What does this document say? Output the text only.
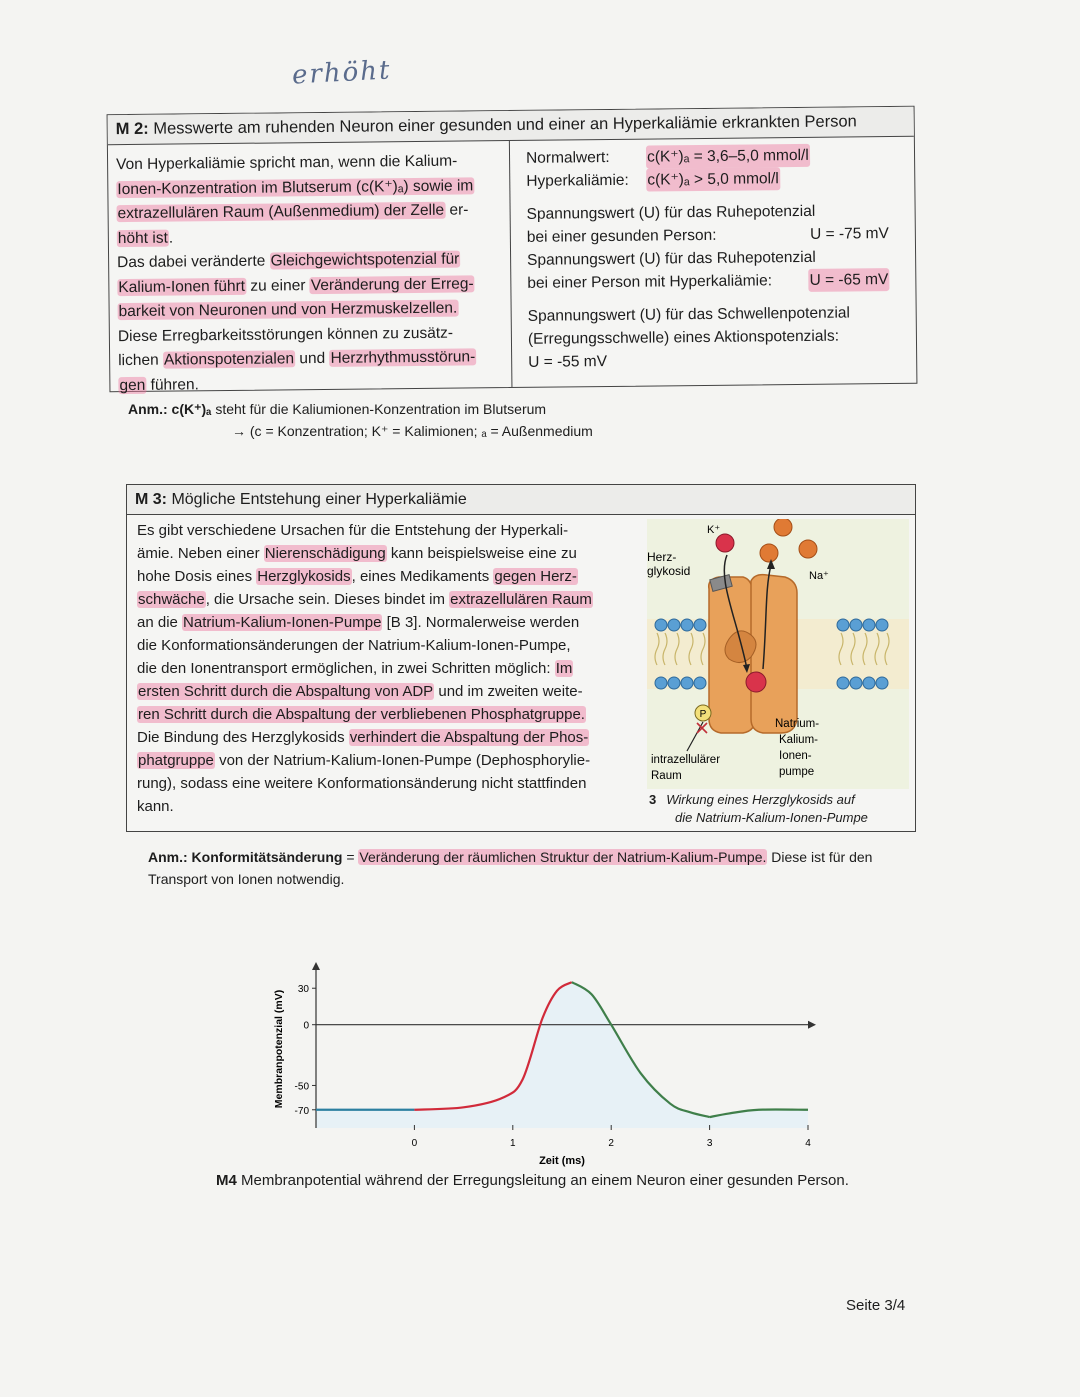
erhöht
M 2: Messwerte am ruhenden Neuron einer gesunden und einer an Hyperkaliämie erkrankten Person
Von Hyperkaliämie spricht man, wenn die Kalium-
Ionen-Konzentration im Blutserum (c(K⁺)ₐ) sowie im
extrazellulären Raum (Außenmedium) der Zelle er-
höht ist.
Das dabei veränderte Gleichgewichtspotenzial für
Kalium-Ionen führt zu einer Veränderung der Erreg-
barkeit von Neuronen und von Herzmuskelzellen.
Diese Erregbarkeitsstörungen können zu zusätz-
lichen Aktionspotenzialen und Herzrhythmusstörun-
gen führen.
Normalwert:	c(K⁺)ₐ = 3,6–5,0 mmol/l
Hyperkaliämie:	c(K⁺)ₐ > 5,0 mmol/l
Spannungswert (U) für das Ruhepotenzial
bei einer gesunden Person:	U = -75 mV
Spannungswert (U) für das Ruhepotenzial
bei einer Person mit Hyperkaliämie: U = -65 mV
Spannungswert (U) für das Schwellenpotenzial
(Erregungsschwelle) eines Aktionspotenzials:
U = -55 mV
Anm.: c(K⁺)ₐ steht für die Kaliumionen-Konzentration im Blutserum
→ (c = Konzentration; K⁺ = Kalimionen; ₐ = Außenmedium
M 3: Mögliche Entstehung einer Hyperkaliämie
Es gibt verschiedene Ursachen für die Entstehung der Hyperkali-
ämie. Neben einer Nierenschädigung kann beispielsweise eine zu
hohe Dosis eines Herzglykosids, eines Medikaments gegen Herz-
schwäche, die Ursache sein. Dieses bindet im extrazellulären Raum
an die Natrium-Kalium-Ionen-Pumpe [B 3]. Normalerweise werden
die Konformationsänderungen der Natrium-Kalium-Ionen-Pumpe,
die den Ionentransport ermöglichen, in zwei Schritten möglich: Im
ersten Schritt durch die Abspaltung von ADP und im zweiten weite-
ren Schritt durch die Abspaltung der verbliebenen Phosphatgruppe.
Die Bindung des Herzglykosids verhindert die Abspaltung der Phos-
phatgruppe von der Natrium-Kalium-Ionen-Pumpe (Dephosphorylie-
rung), sodass eine weitere Konformationsänderung nicht stattfinden
kann.
P
K⁺
Na⁺
Herz-
glykosid
Natrium-
Kalium-
Ionen-
pumpe
intrazellulärer
Raum
3 Wirkung eines Herzglykosids auf
die Natrium-Kalium-Ionen-Pumpe
Anm.: Konformitätsänderung = Veränderung der räumlichen Struktur der Natrium-Kalium-Pumpe. Diese ist für den Transport von Ionen notwendig.
30
0
-50
-70
0	1	2	3	4
Zeit (ms)
Membranpotenzial (mV)
M4 Membranpotential während der Erregungsleitung an einem Neuron einer gesunden Person.
Seite 3/4
